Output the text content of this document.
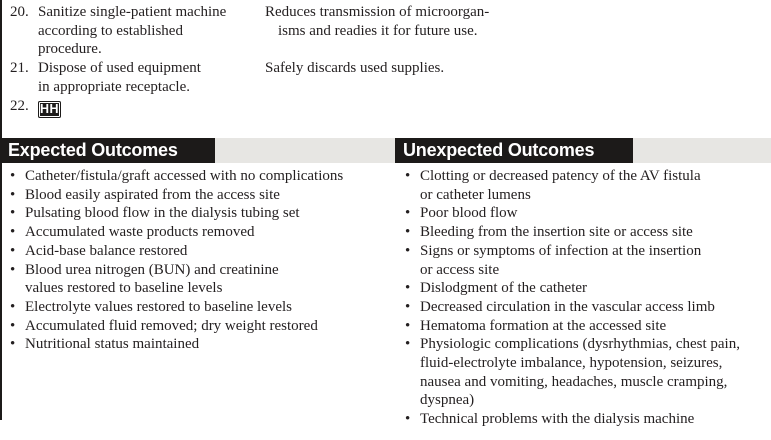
20. Sanitize single-patient machine
according to established
procedure.
Reduces transmission of microorgan-
isms and readies it for future use.
21. Dispose of used equipment
in appropriate receptacle.
Safely discards used supplies.
22. HH
Expected Outcomes	Unexpected Outcomes
• Catheter/fistula/graft accessed with no complications
• Blood easily aspirated from the access site
• Pulsating blood flow in the dialysis tubing set
• Accumulated waste products removed
• Acid-base balance restored
• Blood urea nitrogen (BUN) and creatinine
values restored to baseline levels
• Electrolyte values restored to baseline levels
• Accumulated fluid removed; dry weight restored
• Nutritional status maintained
• Clotting or decreased patency of the AV fistula
or catheter lumens
• Poor blood flow
• Bleeding from the insertion site or access site
• Signs or symptoms of infection at the insertion
or access site
• Dislodgment of the catheter
• Decreased circulation in the vascular access limb
• Hematoma formation at the accessed site
• Physiologic complications (dysrhythmias, chest pain,
fluid-electrolyte imbalance, hypotension, seizures,
nausea and vomiting, headaches, muscle cramping,
dyspnea)
• Technical problems with the dialysis machine
